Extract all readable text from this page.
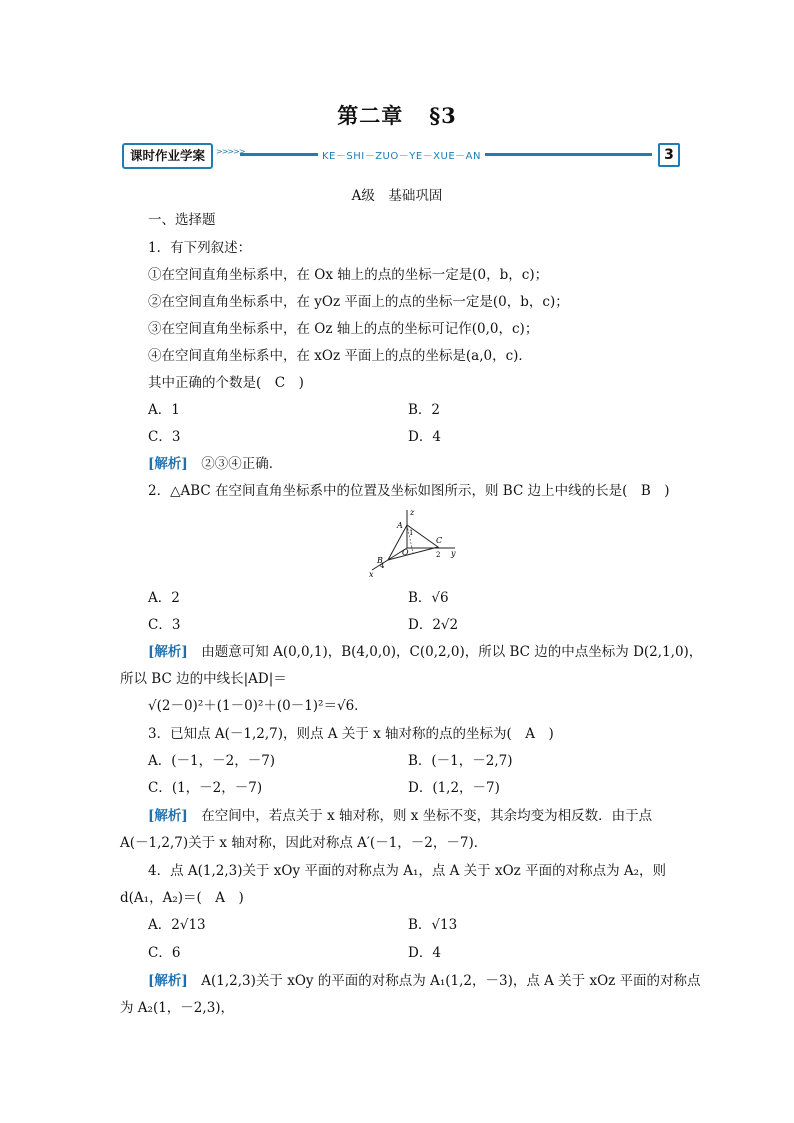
第二章 §3
课时作业学案	>>>>>	KE－SHI－ZUO－YE－XUE－AN	3
A级　基础巩固
一、选择题
1．有下列叙述：
①在空间直角坐标系中，在 Ox 轴上的点的坐标一定是(0，b，c)；
②在空间直角坐标系中，在 yOz 平面上的点的坐标一定是(0，b，c)；
③在空间直角坐标系中，在 Oz 轴上的点的坐标可记作(0,0，c)；
④在空间直角坐标系中，在 xOz 平面上的点的坐标是(a,0，c)．
其中正确的个数是(　C　)
A．1	B．2
C．3	D．4
[解析]　 ②③④正确．
2．△ABC 在空间直角坐标系中的位置及坐标如图所示，则 BC 边上中线的长是(　B　)
z
y
x
A
B
C
O
1
2
4
A．2	B．√6
C．3	D．2√2
[解析]　 由题意可知 A(0,0,1)，B(4,0,0)，C(0,2,0)，所以 BC 边的中点坐标为 D(2,1,0)，
所以 BC 边的中线长|AD|＝
√(2－0)²＋(1－0)²＋(0－1)²＝√6．
3．已知点 A(－1,2,7)，则点 A 关于 x 轴对称的点的坐标为(　A　)
A．(－1，－2，－7)	B．(－1，－2,7)
C．(1，－2，－7)	D．(1,2，－7)
[解析]　 在空间中，若点关于 x 轴对称，则 x 坐标不变，其余均变为相反数．由于点
A(－1,2,7)关于 x 轴对称，因此对称点 A′(－1，－2，－7)．
4．点 A(1,2,3)关于 xOy 平面的对称点为 A₁，点 A 关于 xOz 平面的对称点为 A₂，则
d(A₁，A₂)＝(　A　)
A．2√13	B．√13
C．6	D．4
[解析]　 A(1,2,3)关于 xOy 的平面的对称点为 A₁(1,2，－3)，点 A 关于 xOz 平面的对称点
为 A₂(1，－2,3)，
